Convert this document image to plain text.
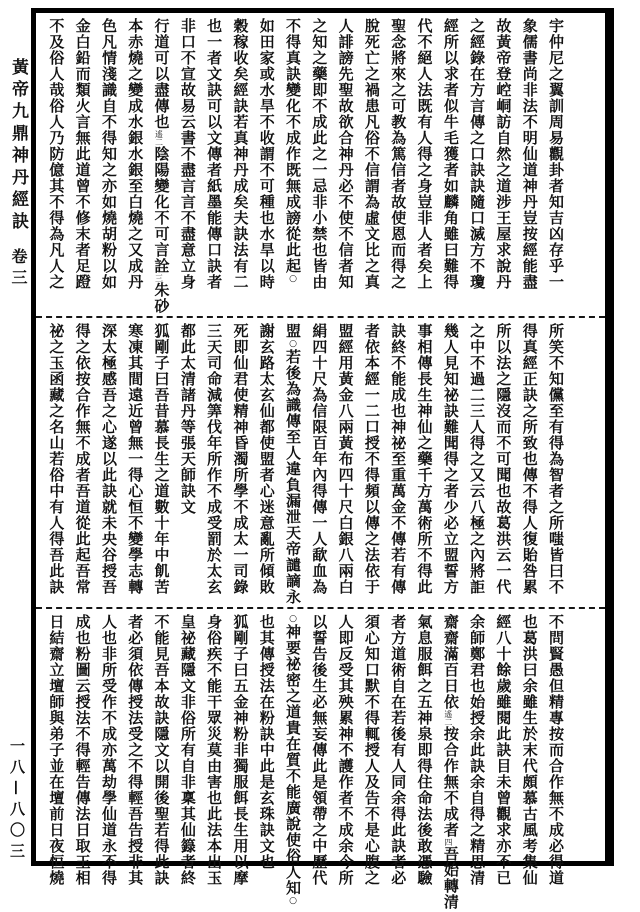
黃帝九鼎神丹經訣卷三
一八—八〇三
宇仲尼之翼訓周易觀卦者知吉凶存乎一
象儒書尚非法不明仙道神丹豈按經能盡
故黃帝登崆峒訪自然之道涉王屋求說丹
之經錄在方言傳之口訣訣隨口滅方不瓊
經所以求者似牛毛獲者如麟角雖曰難得
代不絕人法既有人得之身豈非人者矣上
聖念將來之可教為篤信者故使恩而得之
脫死亡之禍患凡俗不信謂為虛文比之真
人誹謗先聖故欲合神丹必不使不信者知
之知之藥即不成此之一忌非小禁也皆由
不得真訣變化不成作既無成謗從此起○
如田家或水旱不收謂不可種也水旱以時
穀稼收矣經訣若真神丹成矣夫訣法有二
也一者文訣可以文傳者紙墨能傳口訣者
非口不宣故易云書不盡言言不盡意立身
行道可以盡傳也遙二陰陽變化不可言詮三朱砂
本赤燒之變成水銀水銀至白燒之又成丹
色凡情淺識自不得知之亦如燒胡粉以如
金白鉛而類火言無此道曾不修末者足蹬
不及俗人哉俗人乃防億其不得為凡人之
所笑不知儻至有得為智者之所嗤皆曰不
得真經正訣之所致也傳不得人復貽咎累
所以法之隱沒而不可聞也故葛洪云一代
之中不過二三人得之又云八極之內將詎
幾人見知祕訣難聞得之者少必立盟誓方
事相傳長生神仙之藥千方萬術所不得此
訣終不能成也神祕至重萬金不傳若有傳
者依本經一二口授不得頻以傳之法依于
盟經用黃金八兩黃布四十尺白銀八兩白
絹四十尺為信限百年內得傳一人歃血為
盟○若後為識傳至人違負漏泄天帝譴謫永
謝玄路太玄仙都使盟者心迷意亂所傾敗
死即仙君使精神昏濁所學不成太一司錄
三天司命減筭伐年所作不成受罰於太玄
都此太清諸丹等張天師訣文
狐剛子曰吾昔慕長生之道數十年中飢苦
寒凍其間遠近曾無一得心恒不變學志轉
深太極感吾之心遂以此訣就未央谷授吾
得之依按合作無不成者吾道從此起吾常
祕之玉函藏之名山若俗中有人得吾此訣
不問賢愚但精專按而合作無不成必得道
也葛洪曰余雖生於末代頗慕古風考集仙
經八十餘歲雖閱此訣目未曾觀求亦不已
余師鄭君也始授余此訣余自得之精思清
齋齋滿百日依遙二按合作無不成者四吾始轉清
氣息服餌之五神泉即得住命法後敢憑驗
者方道術自在若後有人同余得此訣者必
須心知口默不得輒授人及告不是心腹之
人即反受其殃累神不護作者不成余今所
以誓告後生必無妄傳此是領帶之中歷代
○神要祕密之道貴在質不能廣說使俗人知○
也其傳授法在粉訣中此是玄珠訣文也
狐剛子曰五金神粉非獨服餌長生用以摩
身俗疾不能干眾災莫由害也此法本出玉
皇祕藏隱文非俗所有自非稟其仙籙者終
不能見吾本故訣隱文以開後聖若得此訣
者必須依傳授法受之不得輕吾告授非其
人也非所受作不成亦萬劫學仙道永不得
成也粉圖云授法不得輕告傳法日取王相
日結齋立壇師與弟子並在壇前日夜恒燒
